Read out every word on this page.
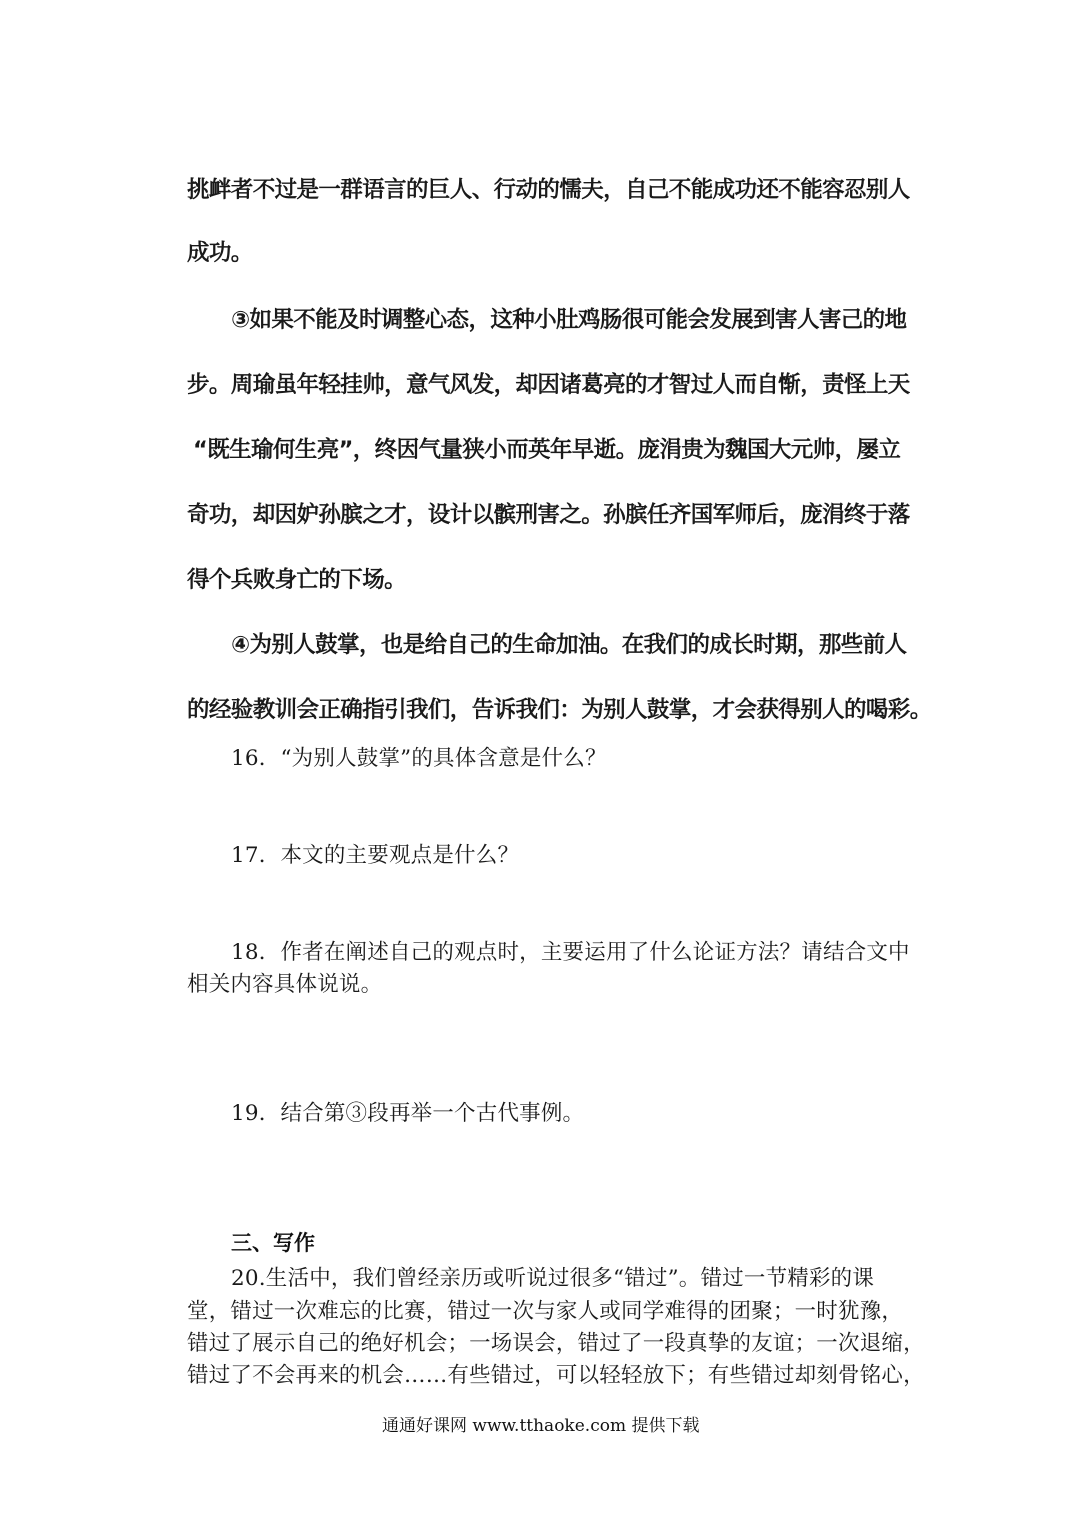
挑衅者不过是一群语言的巨人、行动的懦夫，自己不能成功还不能容忍别人

成功。

③如果不能及时调整心态，这种小肚鸡肠很可能会发展到害人害己的地

步。周瑜虽年轻挂帅，意气风发，却因诸葛亮的才智过人而自惭，责怪上天

“既生瑜何生亮”，终因气量狭小而英年早逝。庞涓贵为魏国大元帅，屡立

奇功，却因妒孙膑之才，设计以髌刑害之。孙膑任齐国军师后，庞涓终于落

得个兵败身亡的下场。

④为别人鼓掌，也是给自己的生命加油。在我们的成长时期，那些前人

的经验教训会正确指引我们，告诉我们：为别人鼓掌，才会获得别人的喝彩。

16．“为别人鼓掌”的具体含意是什么？

17．本文的主要观点是什么？

18．作者在阐述自己的观点时，主要运用了什么论证方法？请结合文中

相关内容具体说说。

19．结合第③段再举一个古代事例。

三、写作

20.生活中，我们曾经亲历或听说过很多“错过”。错过一节精彩的课

堂，错过一次难忘的比赛，错过一次与家人或同学难得的团聚；一时犹豫，

错过了展示自己的绝好机会；一场误会，错过了一段真挚的友谊；一次退缩，

错过了不会再来的机会……有些错过，可以轻轻放下；有些错过却刻骨铭心，

通通好课网 www.tthaoke.com 提供下载
